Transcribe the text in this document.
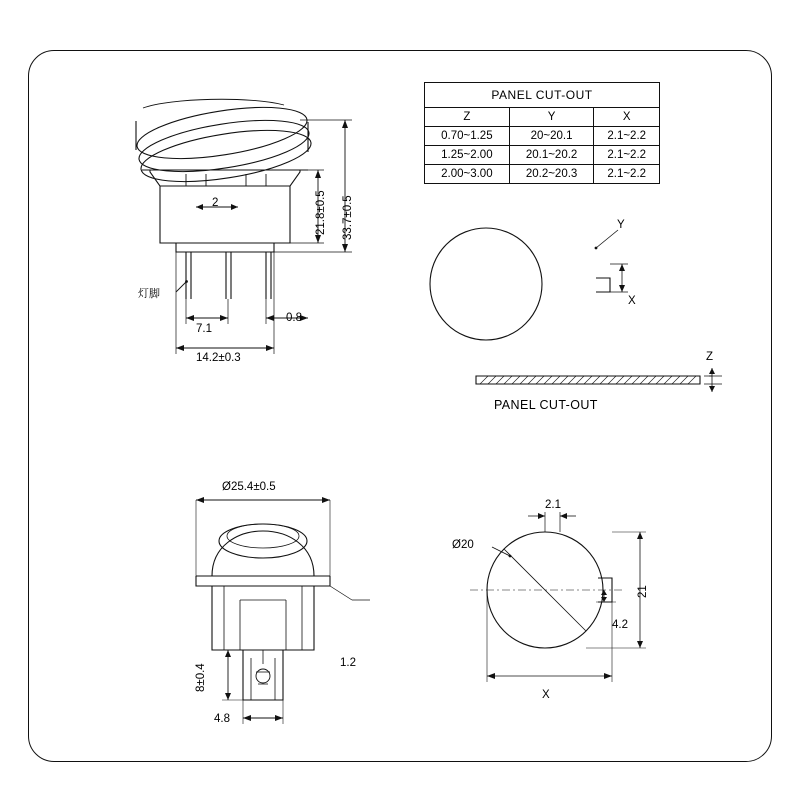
PANEL CUT-OUT		
Z	Y	X
0.70~1.25	20~20.1	2.1~2.2
1.25~2.00	20.1~20.2	2.1~2.2
2.00~3.00	20.2~20.3	2.1~2.2
2	21.8±0.5 33.7±0.5
灯脚
7.1
0.8
14.2±0.3
Y
X
Z
PANEL CUT-OUT
Ø25.4±0.5
8±0.4
1.2
4.8
2.1
Ø20
21
4.2
X
